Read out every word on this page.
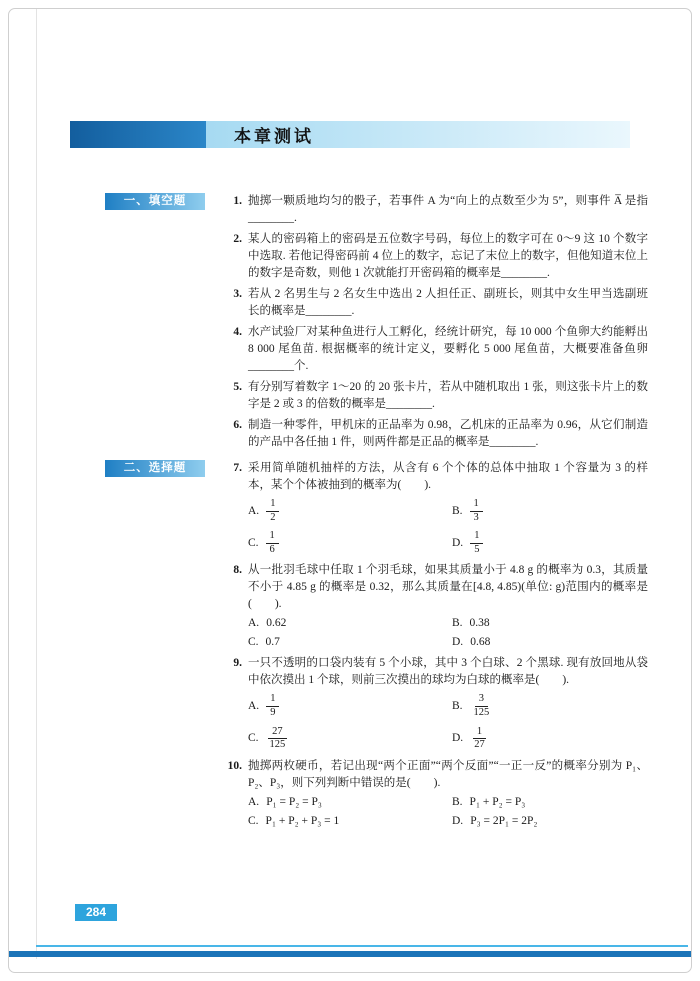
本章测试
一、填空题	1. 抛掷一颗质地均匀的骰子，若事件 A 为“向上的点数至少为 5”，则事件 A̅ 是指________.
2. 某人的密码箱上的密码是五位数字号码，每位上的数字可在 0～9 这 10 个数字中选取. 若他记得密码前 4 位上的数字，忘记了末位上的数字，但他知道末位上的数字是奇数，则他 1 次就能打开密码箱的概率是________.
3. 若从 2 名男生与 2 名女生中选出 2 人担任正、副班长，则其中女生甲当选副班长的概率是________.
4. 水产试验厂对某种鱼进行人工孵化，经统计研究，每 10 000 个鱼卵大约能孵出 8 000 尾鱼苗. 根据概率的统计定义，要孵化 5 000 尾鱼苗，大概要准备鱼卵________个.
5. 有分别写着数字 1～20 的 20 张卡片，若从中随机取出 1 张，则这张卡片上的数字是 2 或 3 的倍数的概率是________.
6. 制造一种零件，甲机床的正品率为 0.98，乙机床的正品率为 0.96，从它们制造的产品中各任抽 1 件，则两件都是正品的概率是________.
二、选择题	7. 采用简单随机抽样的方法，从含有 6 个个体的总体中抽取 1 个容量为 3 的样本，某个个体被抽到的概率为(　　).
A. $\frac{1}{2}$	B. $\frac{1}{3}$
C. $\frac{1}{6}$	D. $\frac{1}{5}$
8. 从一批羽毛球中任取 1 个羽毛球，如果其质量小于 4.8 g 的概率为 0.3，其质量不小于 4.85 g 的概率是 0.32，那么其质量在[4.8, 4.85)(单位: g)范围内的概率是(　　).
A. 0.62	B. 0.38
C. 0.7	D. 0.68
9. 一只不透明的口袋内装有 5 个小球，其中 3 个白球、2 个黑球. 现有放回地从袋中依次摸出 1 个球，则前三次摸出的球均为白球的概率是(　　).
A. $\frac{1}{9}$	B. $\frac{3}{125}$
C. $\frac{27}{125}$	D. $\frac{1}{27}$
10. 抛掷两枚硬币，若记出现“两个正面”“两个反面”“一正一反”的概率分别为 P₁、P₂、P₃，则下列判断中错误的是(　　).
A. P₁ = P₂ = P₃	B. P₁ + P₂ = P₃
C. P₁ + P₂ + P₃ = 1	D. P₃ = 2P₁ = 2P₂
284
